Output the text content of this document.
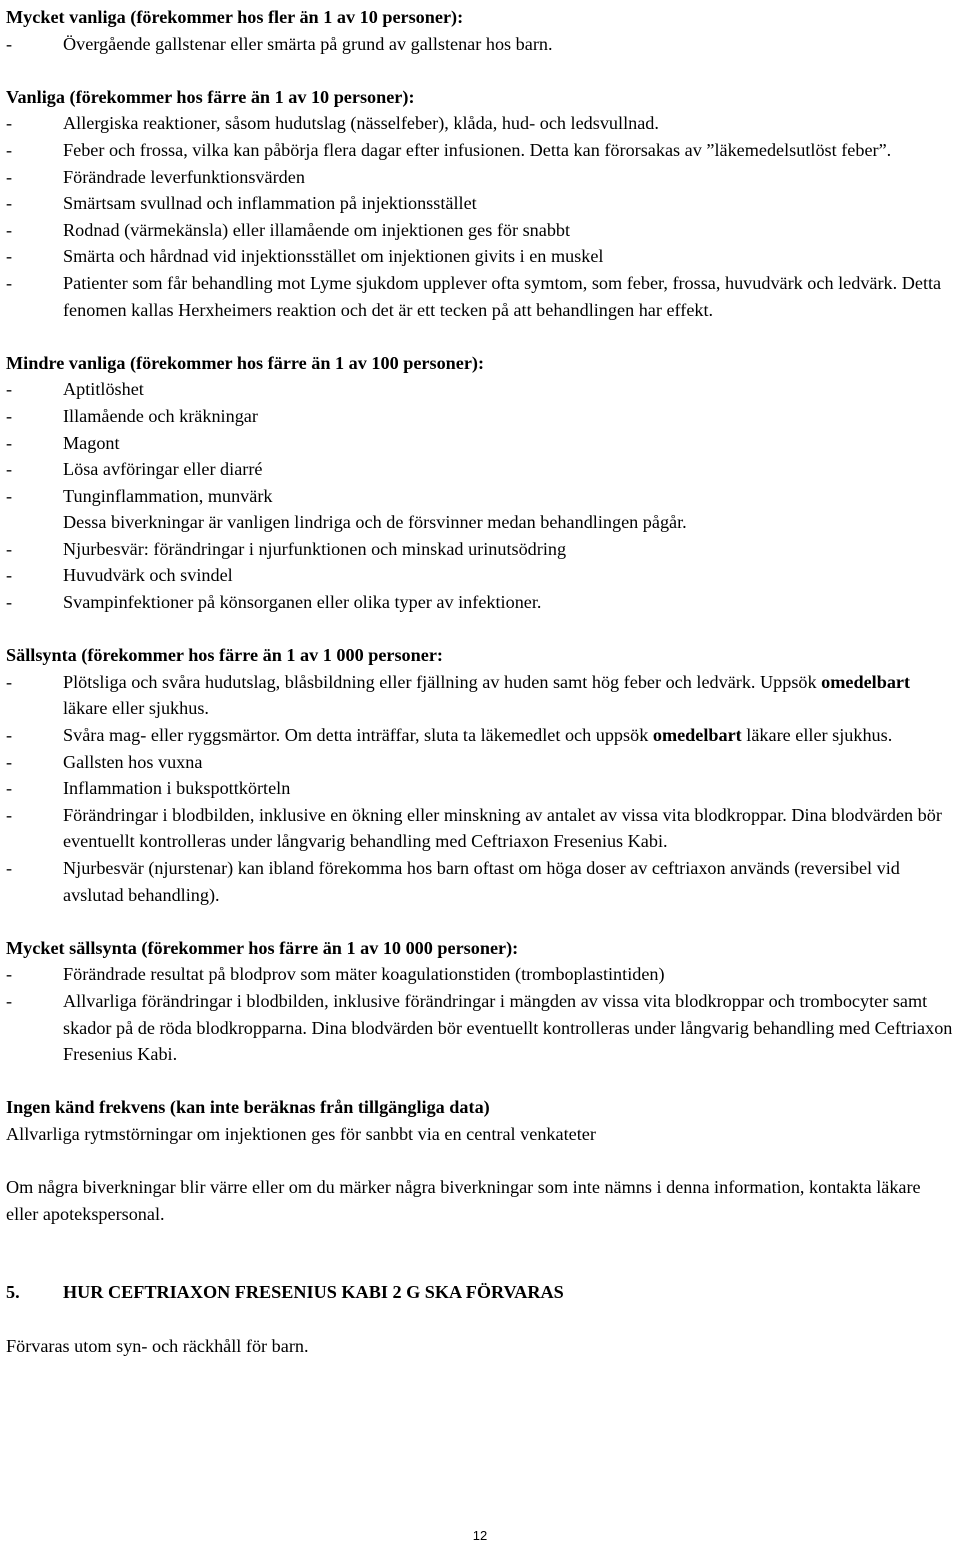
Mycket vanliga (förekommer hos fler än 1 av 10 personer):
-	Övergående gallstenar eller smärta på grund av gallstenar hos barn.
Vanliga (förekommer hos färre än 1 av 10 personer):
-	Allergiska reaktioner, såsom hudutslag (nässelfeber), klåda, hud- och ledsvullnad.
-	Feber och frossa, vilka kan påbörja flera dagar efter infusionen. Detta kan förorsakas av ”läkemedelsutlöst feber”.
-	Förändrade leverfunktionsvärden
-	Smärtsam svullnad och inflammation på injektionsstället
-	Rodnad (värmekänsla) eller illamående om injektionen ges för snabbt
-	Smärta och hårdnad vid injektionsstället om injektionen givits i en muskel
-	Patienter som får behandling mot Lyme sjukdom upplever ofta symtom, som feber, frossa, huvudvärk och ledvärk. Detta fenomen kallas Herxheimers reaktion och det är ett tecken på att behandlingen har effekt.
Mindre vanliga (förekommer hos färre än 1 av 100 personer):
-	Aptitlöshet
-	Illamående och kräkningar
-	Magont
-	Lösa avföringar eller diarré
-	Tunginflammation, munvärk
Dessa biverkningar är vanligen lindriga och de försvinner medan behandlingen pågår.
-	Njurbesvär: förändringar i njurfunktionen och minskad urinutsödring
-	Huvudvärk och svindel
-	Svampinfektioner på könsorganen eller olika typer av infektioner.
Sällsynta (förekommer hos färre än 1 av 1 000 personer:
-	Plötsliga och svåra hudutslag, blåsbildning eller fjällning av huden samt hög feber och ledvärk. Uppsök omedelbart läkare eller sjukhus.
-	Svåra mag- eller ryggsmärtor. Om detta inträffar, sluta ta läkemedlet och uppsök omedelbart läkare eller sjukhus.
-	Gallsten hos vuxna
-	Inflammation i bukspottkörteln
-	Förändringar i blodbilden, inklusive en ökning eller minskning av antalet av vissa vita blodkroppar. Dina blodvärden bör eventuellt kontrolleras under långvarig behandling med Ceftriaxon Fresenius Kabi.
-	Njurbesvär (njurstenar) kan ibland förekomma hos barn oftast om höga doser av ceftriaxon används (reversibel vid avslutad behandling).
Mycket sällsynta (förekommer hos färre än 1 av 10 000 personer):
-	Förändrade resultat på blodprov som mäter koagulationstiden (tromboplastintiden)
-	Allvarliga förändringar i blodbilden, inklusive förändringar i mängden av vissa vita blodkroppar och trombocyter samt skador på de röda blodkropparna. Dina blodvärden bör eventuellt kontrolleras under långvarig behandling med Ceftriaxon Fresenius Kabi.
Ingen känd frekvens (kan inte beräknas från tillgängliga data)
Allvarliga rytmstörningar om injektionen ges för sanbbt via en central venkateter
Om några biverkningar blir värre eller om du märker några biverkningar som inte nämns i denna information, kontakta läkare eller apotekspersonal.
5.	HUR CEFTRIAXON FRESENIUS KABI 2 G SKA FÖRVARAS
Förvaras utom syn- och räckhåll för barn.
12
